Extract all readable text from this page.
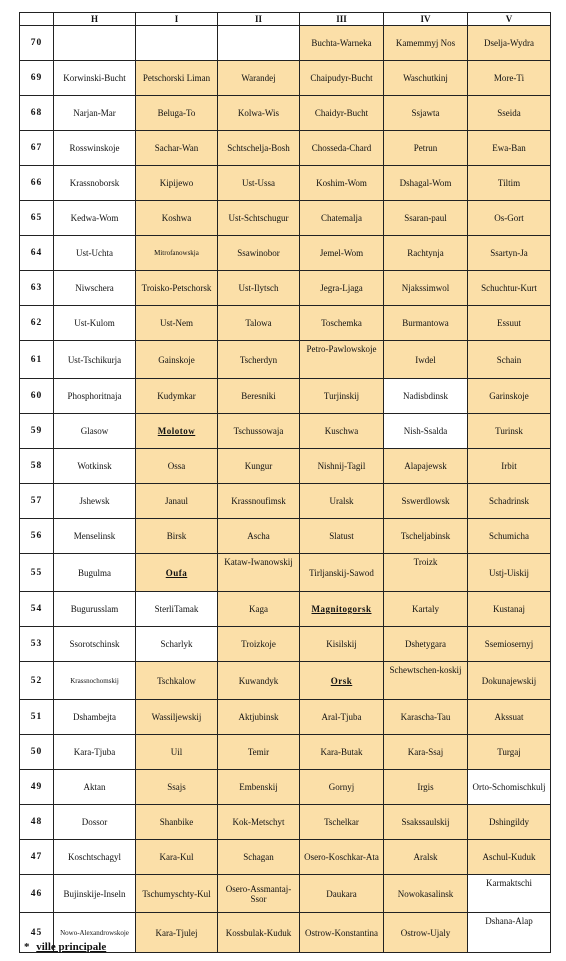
	H	I	II	III	IV	V
70				Buchta-Warneka	Kamemmyj Nos	Dselja-Wydra
69	Korwinski-Bucht	Petschorski Liman	Warandej	Chaipudyr-Bucht	Waschutkinj	More-Ti
68	Narjan-Mar	Beluga-To	Kolwa-Wis	Chaidyr-Bucht	Ssjawta	Sseida
67	Rosswinskoje	Sachar-Wan	Schtschelja-Bosh	Chosseda-Chard	Petrun	Ewa-Ban
66	Krassnoborsk	Kipijewo	Ust-Ussa	Koshim-Wom	Dshagal-Wom	Tiltim
65	Kedwa-Wom	Koshwa	Ust-Schtschugur	Chatemalja	Ssaran-paul	Os-Gort
64	Ust-Uchta	Mitrofanowskja	Ssawinobor	Jemel-Wom	Rachtynja	Ssartyn-Ja
63	Niwschera	Troisko-Petschorsk	Ust-Ilytsch	Jegra-Ljaga	Njakssimwol	Schuchtur-Kurt
62	Ust-Kulom	Ust-Nem	Talowa	Toschemka	Burmantowa	Essuut
61	Ust-Tschikurja	Gainskoje	Tscherdyn	Petro-Pawlowskoje	Iwdel	Schain
60	Phosphoritnaja	Kudymkar	Beresniki	Turjinskij	Nadisbdinsk	Garinskoje
59	Glasow	Molotow	Tschussowaja	Kuschwa	Nish-Ssalda	Turinsk
58	Wotkinsk	Ossa	Kungur	Nishnij-Tagil	Alapajewsk	Irbit
57	Jshewsk	Janaul	Krassnoufimsk	Uralsk	Sswerdlowsk	Schadrinsk
56	Menselinsk	Birsk	Ascha	Slatust	Tscheljabinsk	Schumicha
55	Bugulma	Oufa	Kataw-Iwanowskij	Tirljanskij-Sawod	Troizk	Ustj-Uiskij
54	Bugurusslam	SterliTamak	Kaga	Magnitogorsk	Kartaly	Kustanaj
53	Ssorotschinsk	Scharlyk	Troizkoje	Kisilskij	Dshetygara	Ssemiosernyj
52	Krassnochomskij	Tschkalow	Kuwandyk	Orsk	Schewtschen-koskij	Dokunajewskij
51	Dshambejta	Wassiljewskij	Aktjubinsk	Aral-Tjuba	Karascha-Tau	Akssuat
50	Kara-Tjuba	Uil	Temir	Kara-Butak	Kara-Ssaj	Turgaj
49	Aktan	Ssajs	Embenskij	Gornyj	Irgis	Orto-Schomischkulj
48	Dossor	Shanbike	Kok-Metschyt	Tschelkar	Ssakssaulskij	Dshingildy
47	Koschtschagyl	Kara-Kul	Schagan	Osero-Koschkar-Ata	Aralsk	Aschul-Kuduk
46	Bujinskije-Inseln	Tschumyschty-Kul	Osero-Assmantaj-Ssor	Daukara	Nowokasalinsk	Karmaktschi
45	Nowo-Alexandrowskoje	Kara-Tjulej	Kossbulak-Kuduk	Ostrow-Konstantina	Ostrow-Ujaly	Dshana-Alap
* ville principale
